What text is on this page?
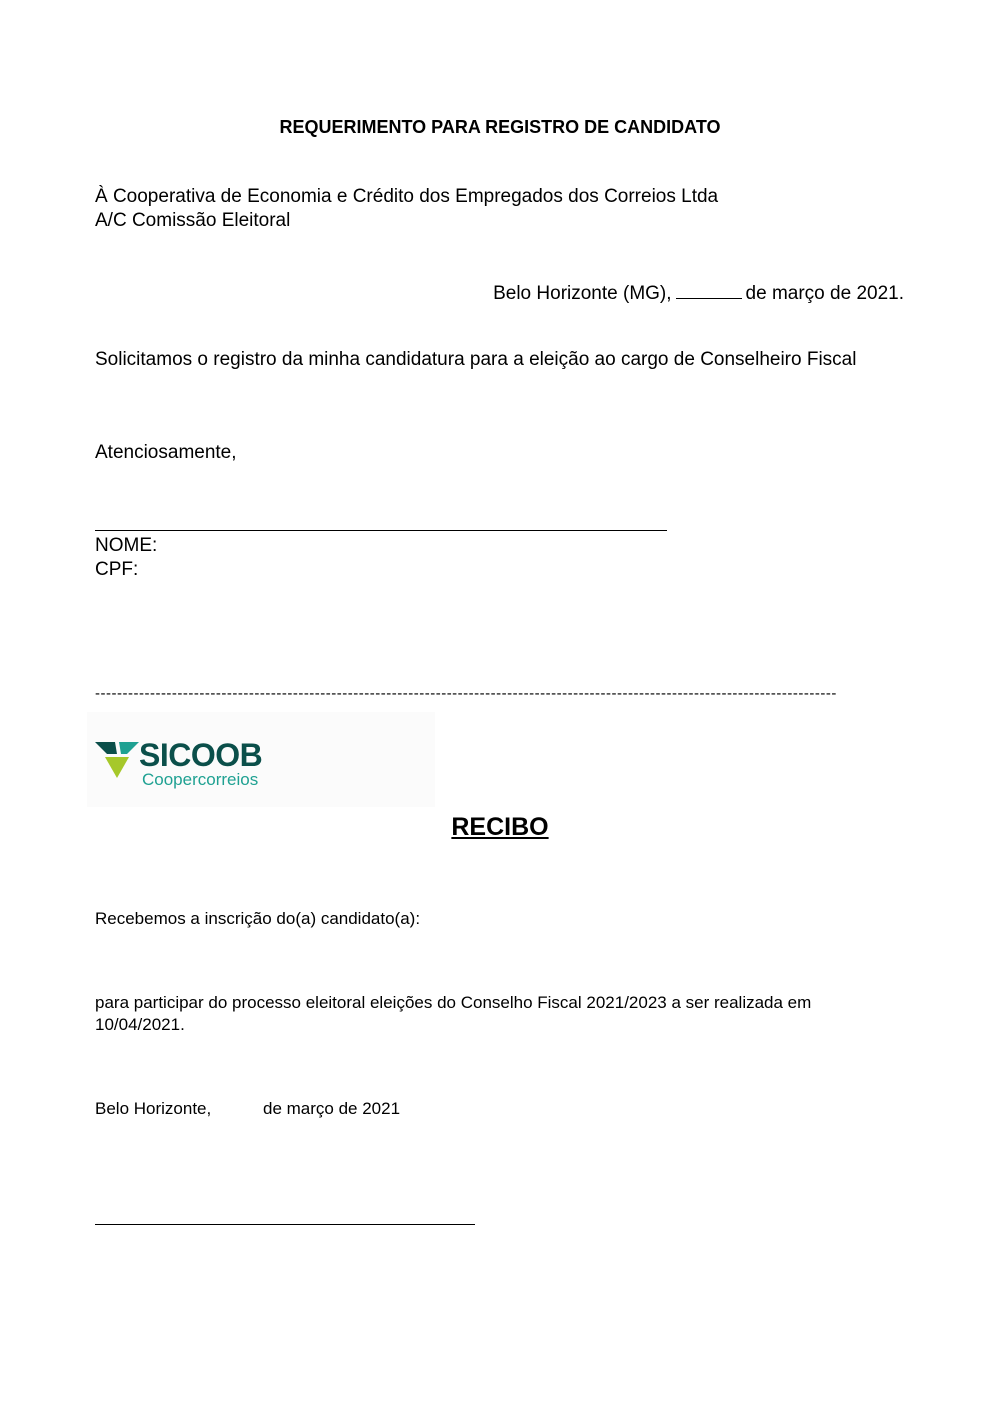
REQUERIMENTO PARA REGISTRO DE CANDIDATO
À Cooperativa de Economia e Crédito dos Empregados dos Correios Ltda
A/C Comissão Eleitoral
Belo Horizonte (MG),	de março de 2021.
Solicitamos o registro da minha candidatura para a eleição ao cargo de Conselheiro Fiscal
Atenciosamente,
NOME:
CPF:
---------------------------------------------------------------------------------------------------------------------------------------
SICOOB
Coopercorreios
RECIBO
Recebemos a inscrição do(a) candidato(a):
para participar do processo eleitoral eleições do Conselho Fiscal 2021/2023 a ser realizada em 10/04/2021.
Belo Horizonte,	de março de 2021
